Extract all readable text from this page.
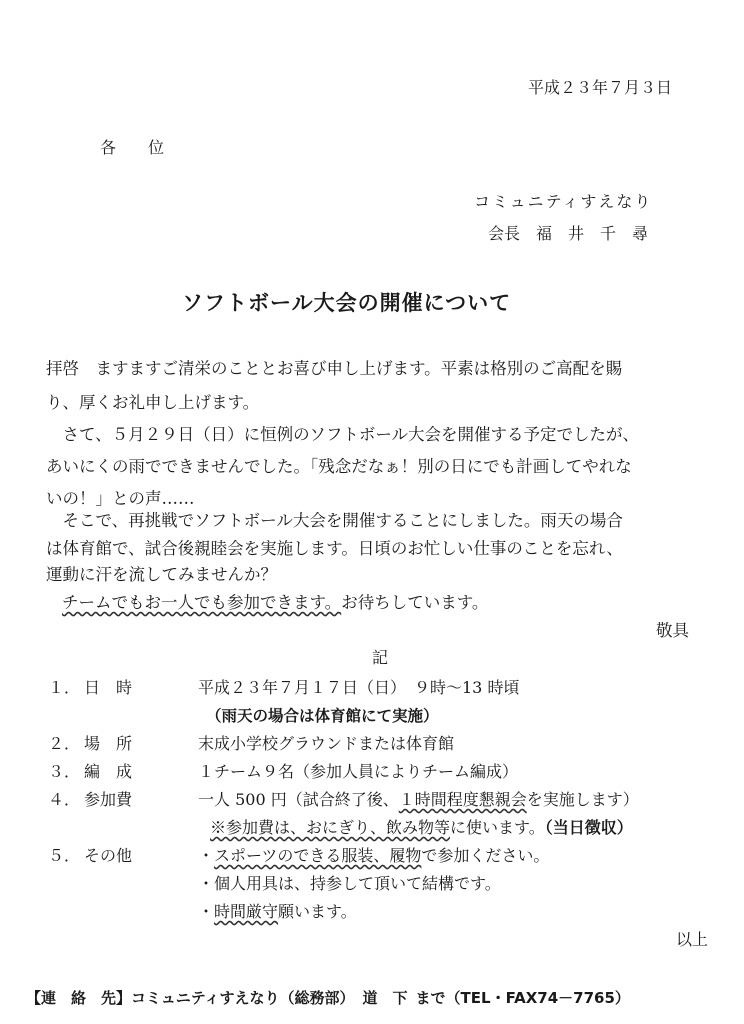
平成２３年７月３日
各　　位
コミュニティすえなり
会長　福　井　千　尋
ソフトボール大会の開催について
拝啓　ますますご清栄のこととお喜び申し上げます。平素は格別のご高配を賜
り、厚くお礼申し上げます。
　さて、５月２９日（日）に恒例のソフトボール大会を開催する予定でしたが、
あいにくの雨でできませんでした。「残念だなぁ！別の日にでも計画してやれな
いの！」との声……
　そこで、再挑戦でソフトボール大会を開催することにしました。雨天の場合
は体育館で、試合後親睦会を実施します。日頃のお忙しい仕事のことを忘れ、
運動に汗を流してみませんか？
チームでもお一人でも参加できます。お待ちしています。
敬具
記
１． 日　時	平成２３年７月１７日（日）　９時～13 時頃
（雨天の場合は体育館にて実施）
２． 場　所	末成小学校グラウンドまたは体育館
３． 編　成	１チーム９名（参加人員によりチーム編成）
４． 参加費	一人 500 円（試合終了後、１時間程度懇親会を実施します）
※参加費は、おにぎり、飲み物等に使います。（当日徴収）
５． その他	・スポーツのできる服装、履物で参加ください。
・個人用具は、持参して頂いて結構です。
・時間厳守願います。
以上
【連　絡　先】コミュニティすえなり（総務部） 道　下 まで（TEL・FAX74－7765）
